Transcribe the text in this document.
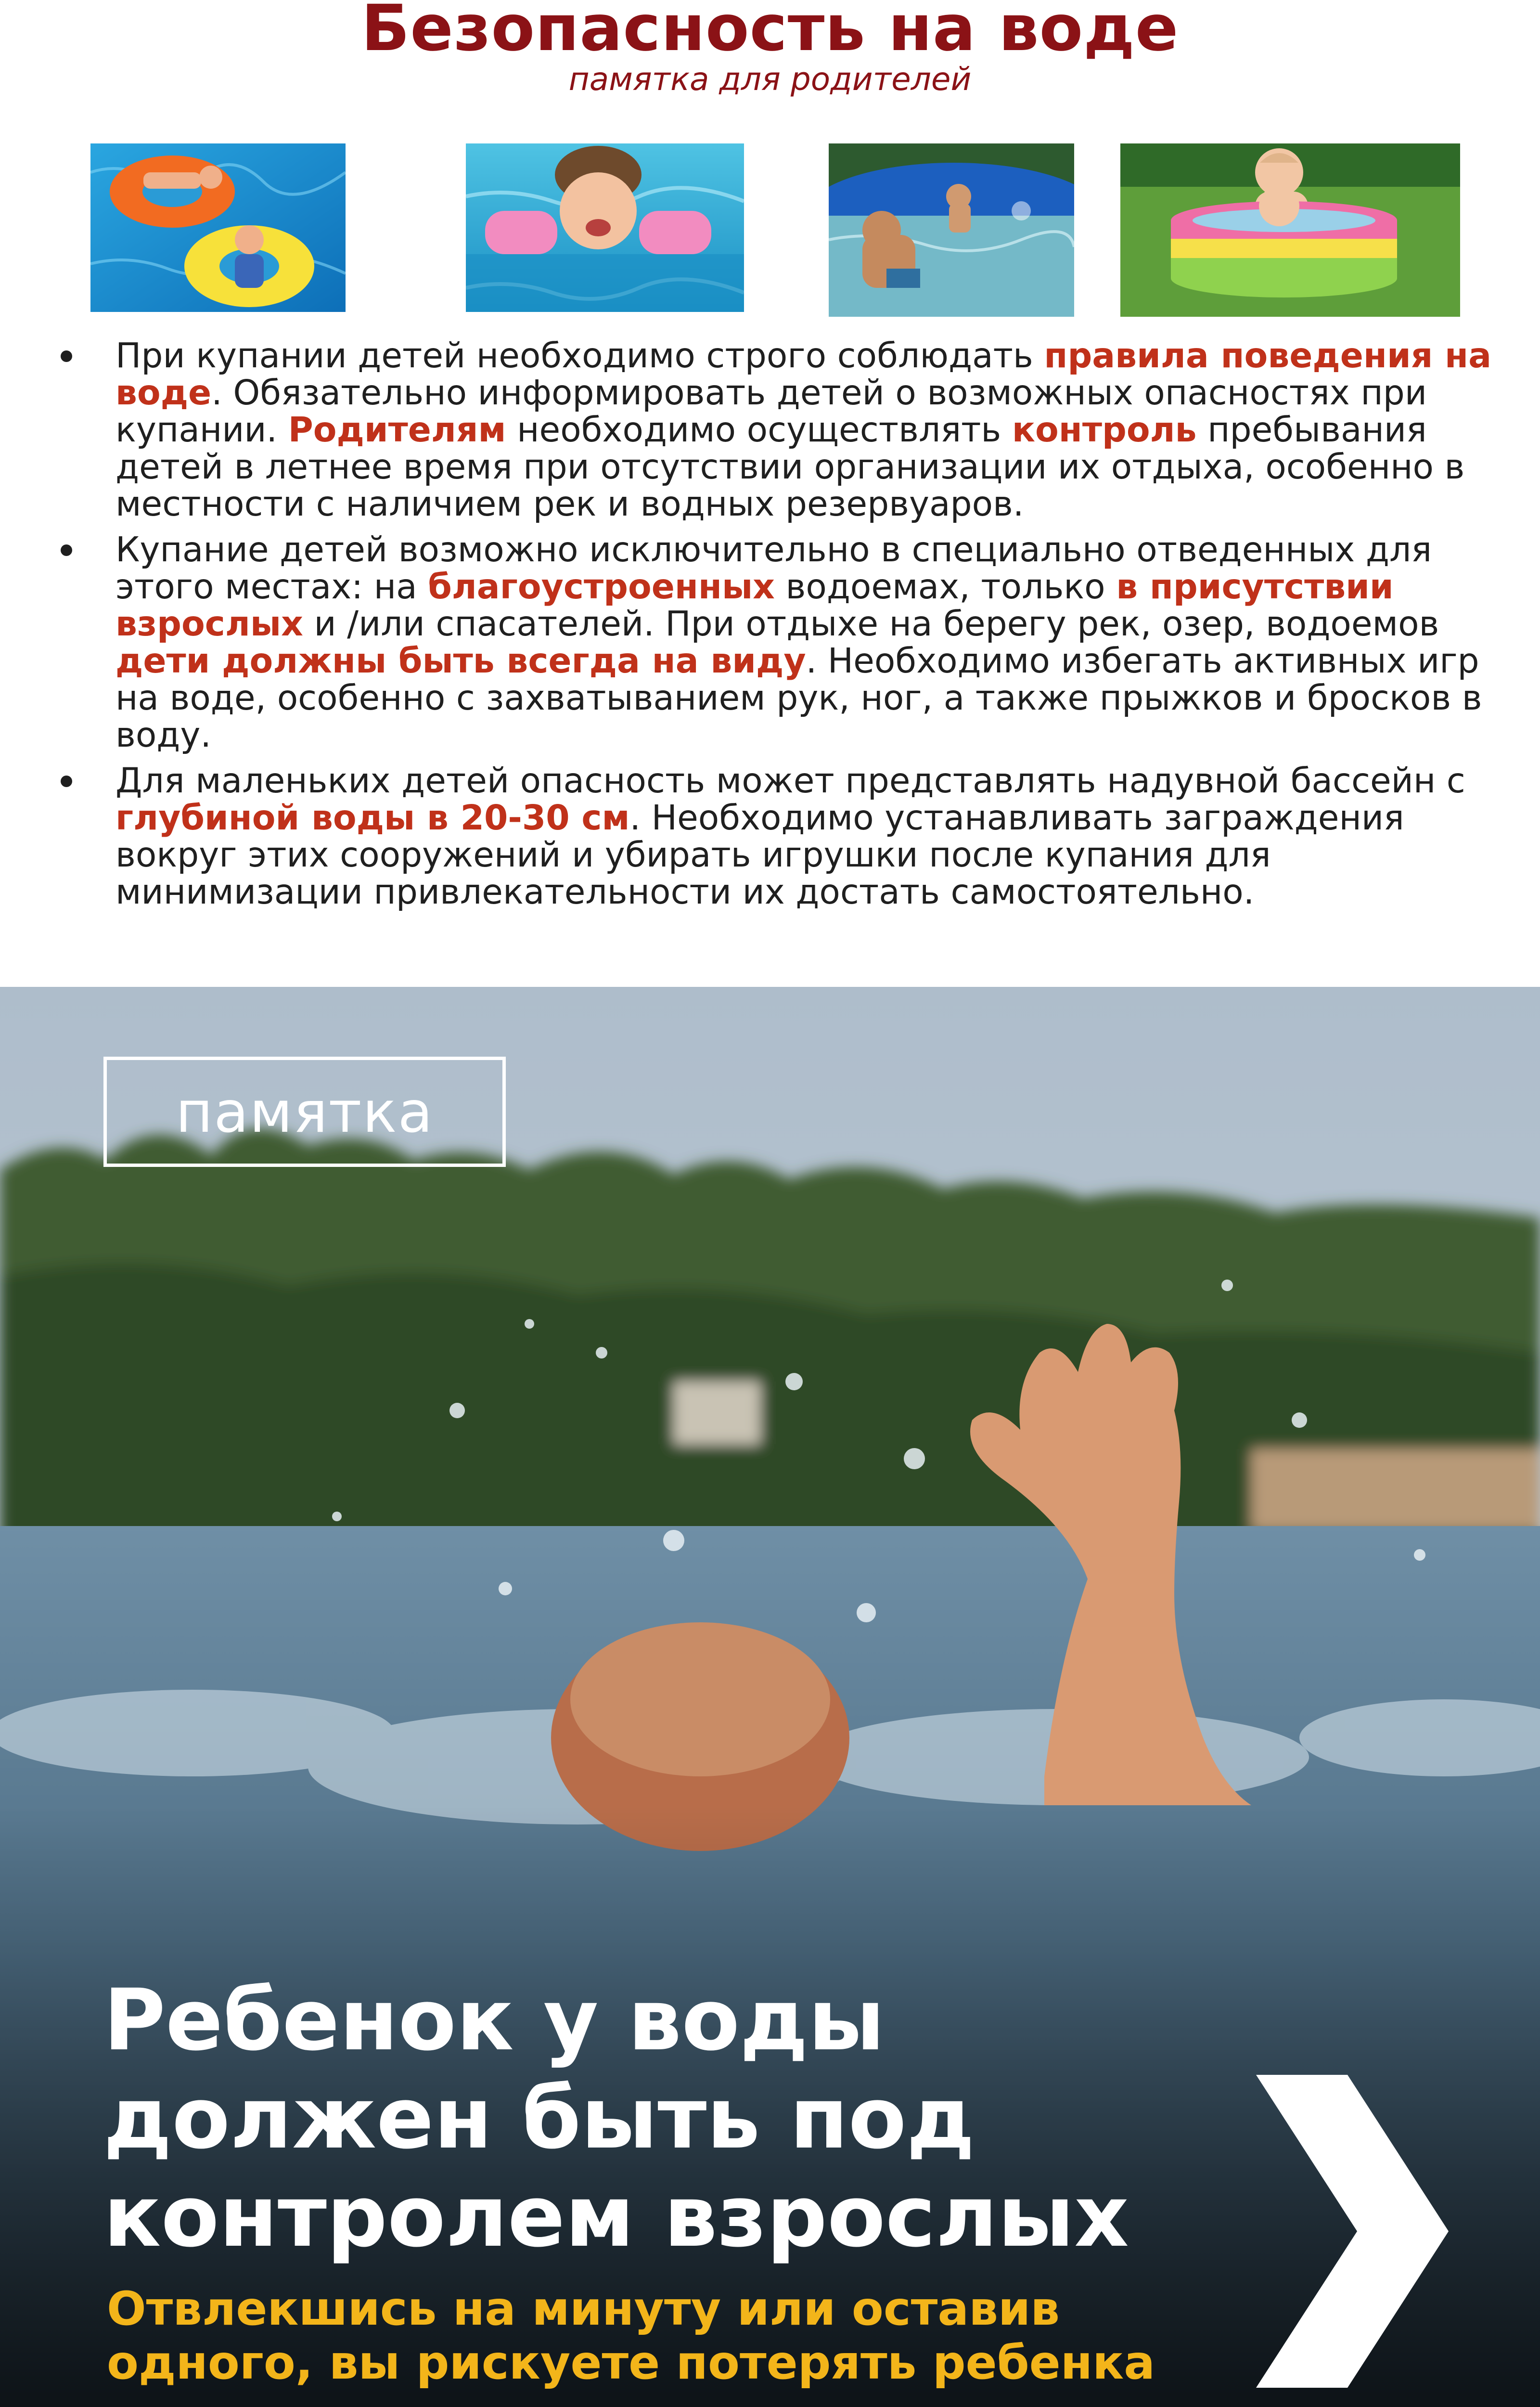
Безопасность на воде
памятка для родителей
При купании детей необходимо строго соблюдать правила поведения на воде. Обязательно информировать детей о возможных опасностях при купании. Родителям необходимо осуществлять контроль пребывания детей в летнее время при отсутствии организации их отдыха, особенно в местности с наличием рек и водных резервуаров.
Купание детей возможно исключительно в специально отведенных для этого местах: на благоустроенных водоемах, только в присутствии взрослых и /или спасателей. При отдыхе на берегу рек, озер, водоемов дети должны быть всегда на виду. Необходимо избегать активных игр на воде, особенно с захватыванием рук, ног, а также прыжков и бросков в воду.
Для маленьких детей опасность может представлять надувной бассейн с глубиной воды в 20-30 см. Необходимо устанавливать заграждения вокруг этих сооружений и убирать игрушки после купания для минимизации привлекательности их достать самостоятельно.
памятка
Ребенок у воды
должен быть под
контролем взрослых
Отвлекшись на минуту или оставив
одного, вы рискуете потерять ребенка
